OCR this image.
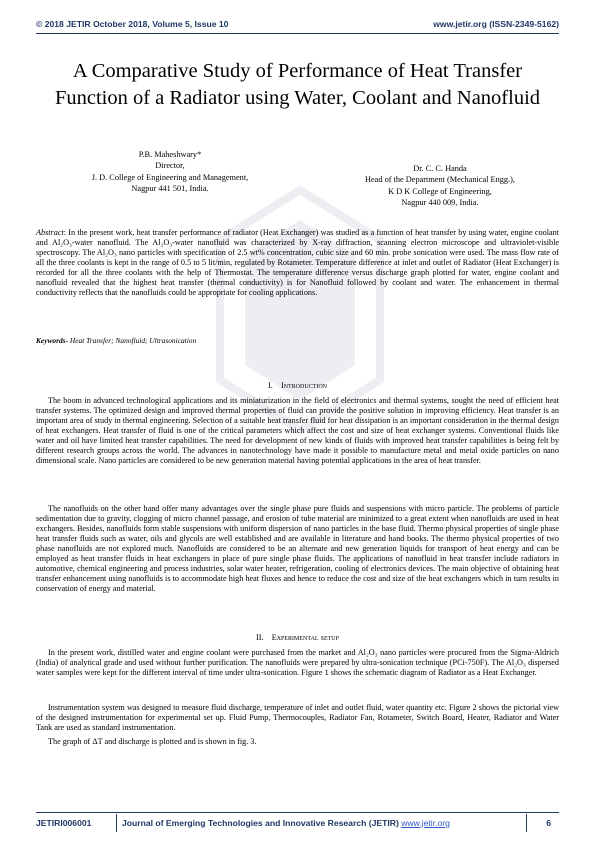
© 2018 JETIR October 2018, Volume 5, Issue 10	www.jetir.org (ISSN-2349-5162)
A Comparative Study of Performance of Heat Transfer Function of a Radiator using Water, Coolant and Nanofluid
P.B. Maheshwary*
Director,
J. D. College of Engineering and Management,
Nagpur 441 501, India.
Dr. C. C. Handa
Head of the Department (Mechanical Engg.),
K D K College of Engineering,
Nagpur 440 009, India.
Abstract: In the present work, heat transfer performance of radiator (Heat Exchanger) was studied as a function of heat transfer by using water, engine coolant and Al₂O₃-water nanofluid. The Al₂O₃-water nanofluid was characterized by X-ray diffraction, scanning electron microscope and ultraviolet-visible spectroscopy. The Al₂O₃ nano particles with specification of 2.5 wt% concentration, cubic size and 60 min. probe sonication were used. The mass flow rate of all the three coolants is kept in the range of 0.5 to 5 lit/min, regulated by Rotameter. Temperature difference at inlet and outlet of Radiator (Heat Exchanger) is recorded for all the three coolants with the help of Thermostat. The temperature difference versus discharge graph plotted for water, engine coolant and nanofluid revealed that the highest heat transfer (thermal conductivity) is for Nanofluid followed by coolant and water. The enhancement in thermal conductivity reflects that the nanofluids could be appropriate for cooling applications.
Keywords- Heat Transfer; Nanofluid; Ultrasonication
I. Introduction
The boom in advanced technological applications and its miniaturization in the field of electronics and thermal systems, sought the need of efficient heat transfer systems. The optimized design and improved thermal properties of fluid can provide the positive solution in improving efficiency. Heat transfer is an important area of study in thermal engineering. Selection of a suitable heat transfer fluid for heat dissipation is an important consideration in the thermal design of heat exchangers. Heat transfer of fluid is one of the critical parameters which affect the cost and size of heat exchanger systems. Conventional fluids like water and oil have limited heat transfer capabilities. The need for development of new kinds of fluids with improved heat transfer capabilities is being felt by different research groups across the world. The advances in nanotechnology have made it possible to manufacture metal and metal oxide particles on nano dimensional scale. Nano particles are considered to be new generation material having potential applications in the area of heat transfer.
The nanofluids on the other hand offer many advantages over the single phase pure fluids and suspensions with micro particle. The problems of particle sedimentation due to gravity, clogging of micro channel passage, and erosion of tube material are minimized to a great extent when nanofluids are used in heat exchangers. Besides, nanofluids form stable suspensions with uniform dispersion of nano particles in the base fluid. Thermo physical properties of single phase heat transfer fluids such as water, oils and glycols are well established and are available in literature and hand books. The thermo physical properties of two phase nanofluids are not explored much. Nanofluids are considered to be an alternate and new generation liquids for transport of heat energy and can be employed as heat transfer fluids in heat exchangers in place of pure single phase fluids. The applications of nanofluid in heat transfer include radiators in automotive, chemical engineering and process industries, solar water heater, refrigeration, cooling of electronics devices. The main objective of obtaining heat transfer enhancement using nanofluids is to accommodate high heat fluxes and hence to reduce the cost and size of the heat exchangers which in turn results in conservation of energy and material.
II. Experimental setup
In the present work, distilled water and engine coolant were purchased from the market and Al₂O₃ nano particles were procured from the Sigma-Aldrich (India) of analytical grade and used without further purification. The nanofluids were prepared by ultra-sonication technique (PCi-750F). The Al₂O₃ dispersed water samples were kept for the different interval of time under ultra-sonication. Figure 1 shows the schematic diagram of Radiator as a Heat Exchanger.
Instrumentation system was designed to measure fluid discharge, temperature of inlet and outlet fluid, water quantity etc. Figure 2 shows the pictorial view of the designed instrumentation for experimental set up. Fluid Pump, Thermocouples, Radiator Fan, Rotameter, Switch Board, Heater, Radiator and Water Tank are used as standard instrumentation.
The graph of ΔT and discharge is plotted and is shown in fig. 3.
JETIRI006001	Journal of Emerging Technologies and Innovative Research (JETIR) www.jetir.org	6
